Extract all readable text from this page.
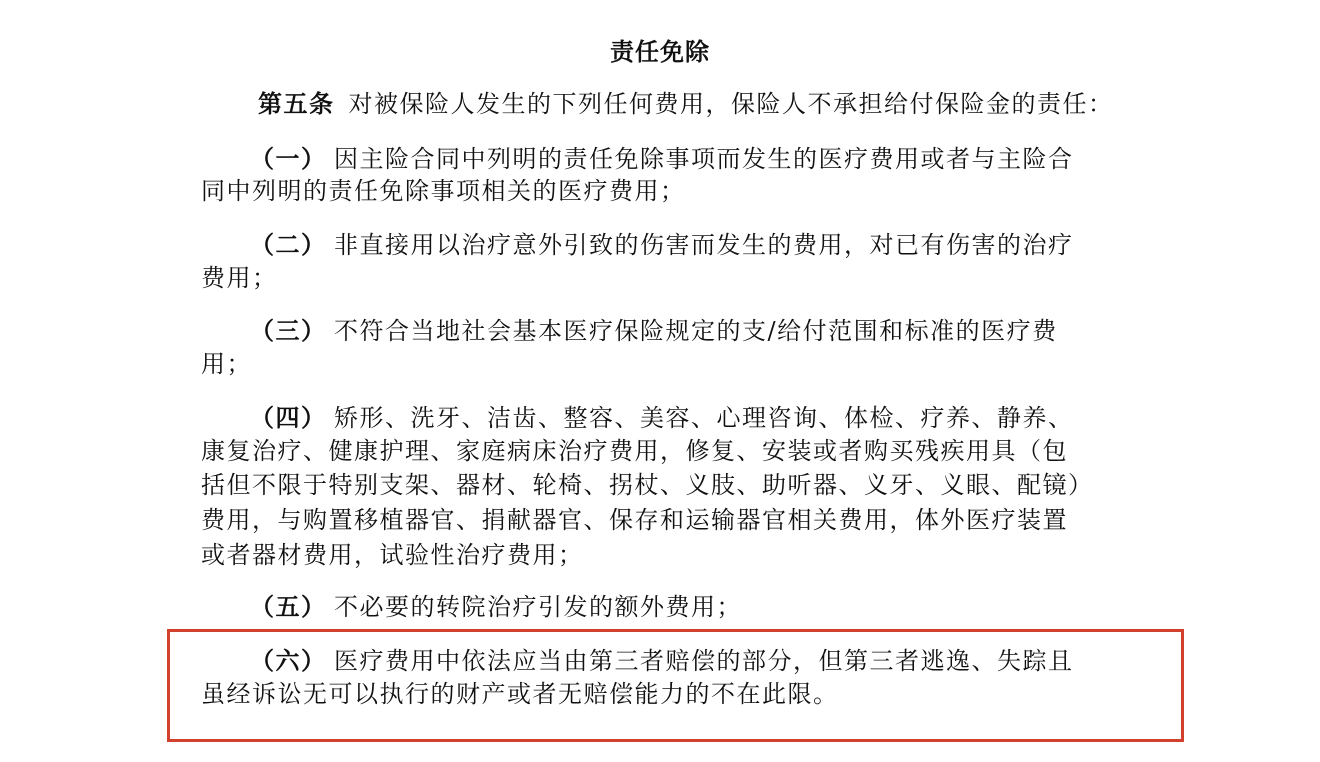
责任免除
第五条 对被保险人发生的下列任何费用，保险人不承担给付保险金的责任：
（一） 因主险合同中列明的责任免除事项而发生的医疗费用或者与主险合
同中列明的责任免除事项相关的医疗费用；
（二） 非直接用以治疗意外引致的伤害而发生的费用，对已有伤害的治疗
费用；
（三） 不符合当地社会基本医疗保险规定的支/给付范围和标准的医疗费
用；
（四） 矫形、洗牙、洁齿、整容、美容、心理咨询、体检、疗养、静养、
康复治疗、健康护理、家庭病床治疗费用，修复、安装或者购买残疾用具（包
括但不限于特别支架、器材、轮椅、拐杖、义肢、助听器、义牙、义眼、配镜）
费用，与购置移植器官、捐献器官、保存和运输器官相关费用，体外医疗装置
或者器材费用，试验性治疗费用；
（五） 不必要的转院治疗引发的额外费用；
（六） 医疗费用中依法应当由第三者赔偿的部分，但第三者逃逸、失踪且
虽经诉讼无可以执行的财产或者无赔偿能力的不在此限。
